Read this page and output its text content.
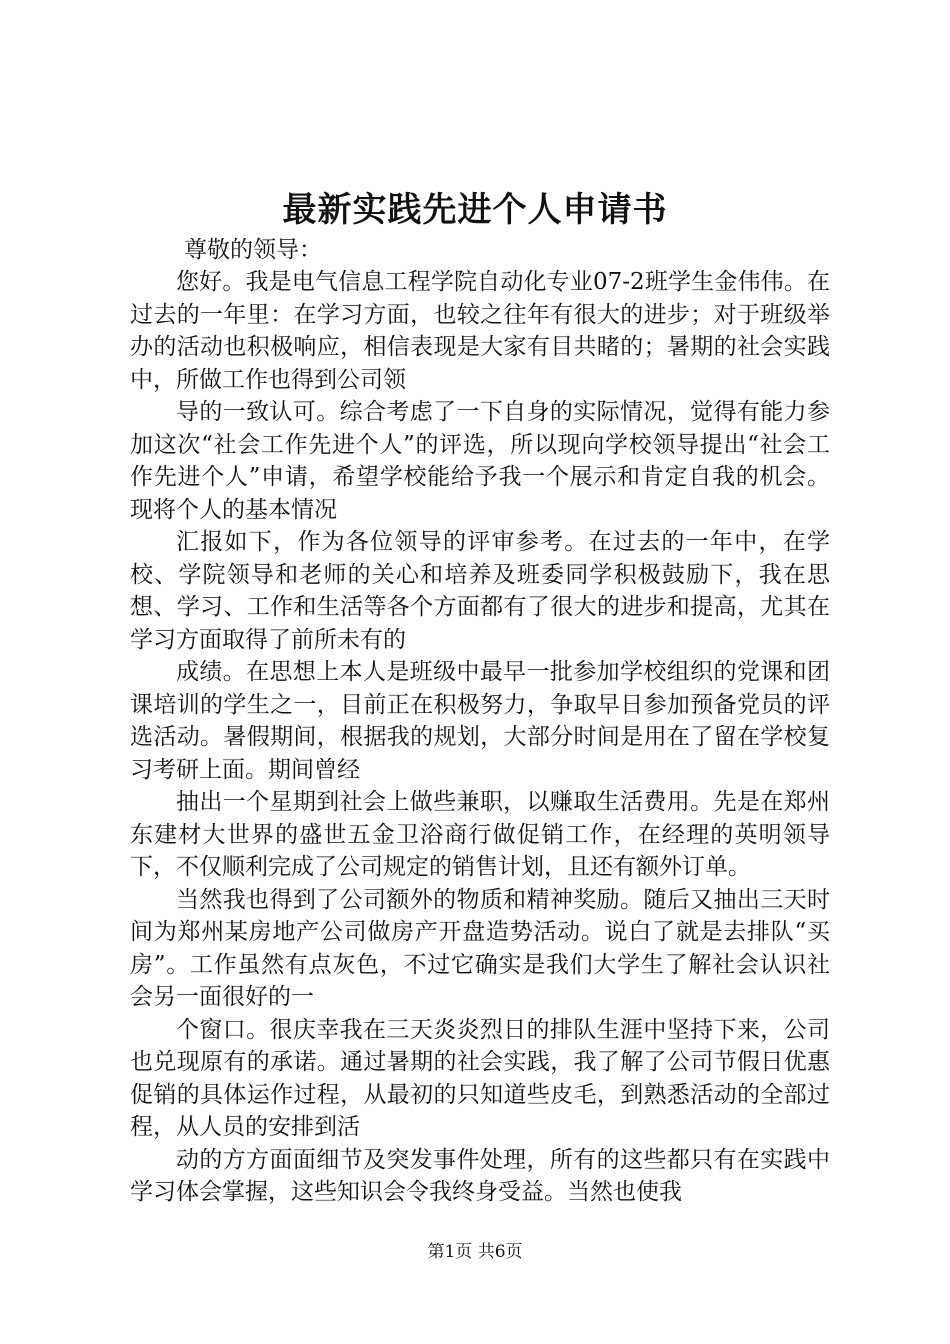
最新实践先进个人申请书
尊敬的领导：

您好。我是电气信息工程学院自动化专业07-2班学生金伟伟。在过去的一年里：在学习方面，也较之往年有很大的进步；对于班级举办的活动也积极响应，相信表现是大家有目共睹的；暑期的社会实践中，所做工作也得到公司领

导的一致认可。综合考虑了一下自身的实际情况，觉得有能力参加这次“社会工作先进个人”的评选，所以现向学校领导提出“社会工作先进个人”申请，希望学校能给予我一个展示和肯定自我的机会。现将个人的基本情况

汇报如下，作为各位领导的评审参考。在过去的一年中，在学校、学院领导和老师的关心和培养及班委同学积极鼓励下，我在思想、学习、工作和生活等各个方面都有了很大的进步和提高，尤其在学习方面取得了前所未有的

成绩。在思想上本人是班级中最早一批参加学校组织的党课和团课培训的学生之一，目前正在积极努力，争取早日参加预备党员的评选活动。暑假期间，根据我的规划，大部分时间是用在了留在学校复习考研上面。期间曾经

抽出一个星期到社会上做些兼职，以赚取生活费用。先是在郑州东建材大世界的盛世五金卫浴商行做促销工作，在经理的英明领导下，不仅顺利完成了公司规定的销售计划，且还有额外订单。

当然我也得到了公司额外的物质和精神奖励。随后又抽出三天时间为郑州某房地产公司做房产开盘造势活动。说白了就是去排队“买房”。工作虽然有点灰色，不过它确实是我们大学生了解社会认识社会另一面很好的一

个窗口。很庆幸我在三天炎炎烈日的排队生涯中坚持下来，公司也兑现原有的承诺。通过暑期的社会实践，我了解了公司节假日优惠促销的具体运作过程，从最初的只知道些皮毛，到熟悉活动的全部过程，从人员的安排到活

动的方方面面细节及突发事件处理，所有的这些都只有在实践中学习体会掌握，这些知识会令我终身受益。当然也使我

第1页 共6页
